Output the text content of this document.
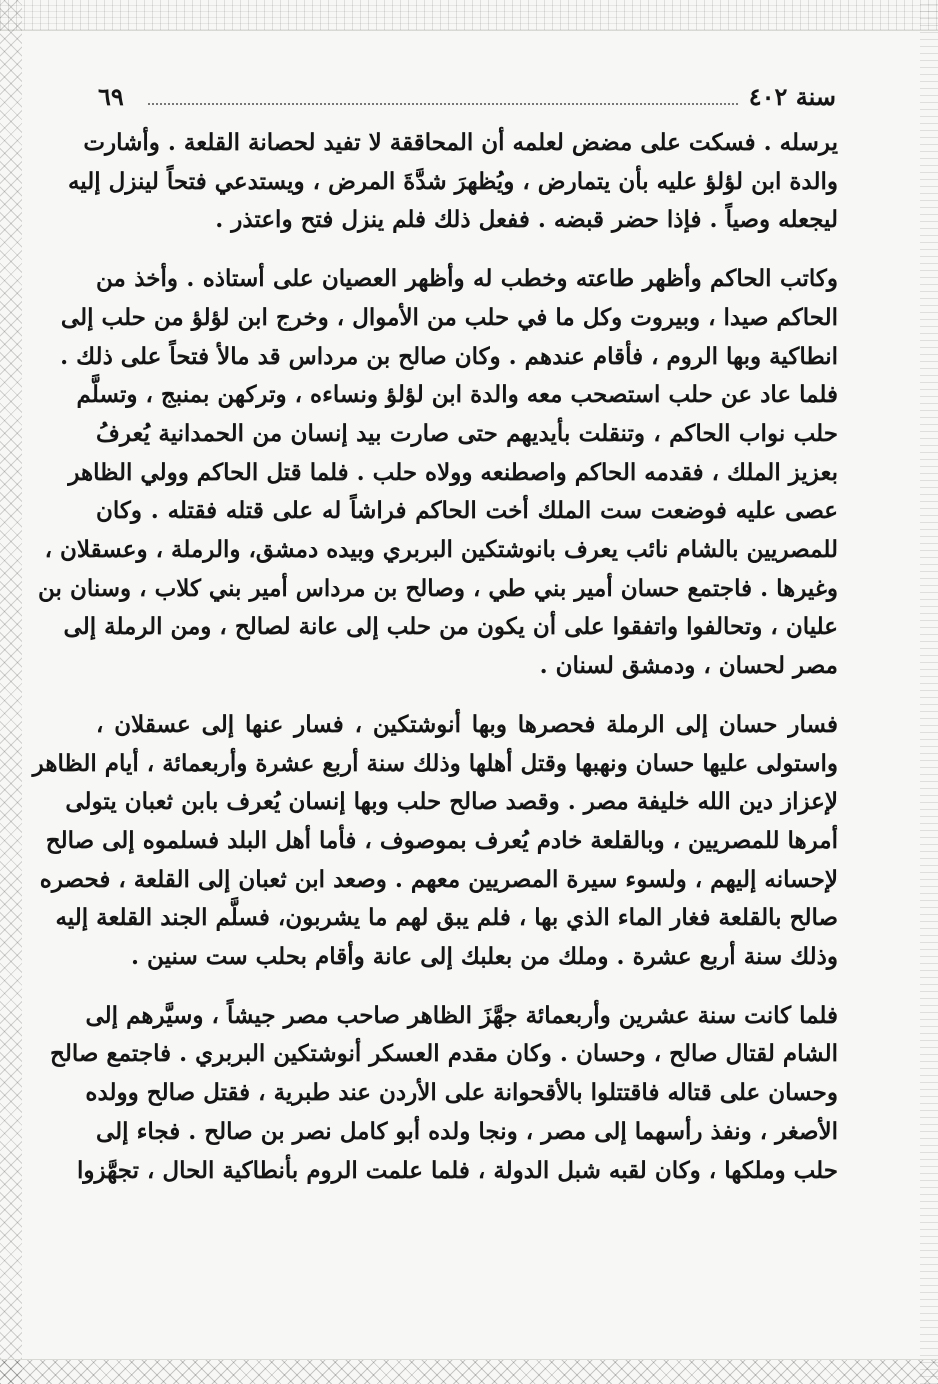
٦٩	سنة ٤٠٢

يرسله . فسكت على مضض لعلمه أن المحاققة لا تفيد لحصانة القلعة . وأشارت
والدة ابن لؤلؤ عليه بأن يتمارض ، ويُظهرَ شدَّةَ المرض ، ويستدعي فتحاً لينزل إليه
ليجعله وصياً . فإذا حضر قبضه . ففعل ذلك فلم ينزل فتح واعتذر .

وكاتب الحاكم وأظهر طاعته وخطب له وأظهر العصيان على أستاذه . وأخذ من
الحاكم صيدا ، وبيروت وكل ما في حلب من الأموال ، وخرج ابن لؤلؤ من حلب إلى
انطاكية وبها الروم ، فأقام عندهم . وكان صالح بن مرداس قد مالأ فتحاً على ذلك .
فلما عاد عن حلب استصحب معه والدة ابن لؤلؤ ونساءه ، وتركهن بمنبج ، وتسلَّم
حلب نواب الحاكم ، وتنقلت بأيديهم حتى صارت بيد إنسان من الحمدانية يُعرفُ
بعزيز الملك ، فقدمه الحاكم واصطنعه وولاه حلب . فلما قتل الحاكم وولي الظاهر
عصى عليه فوضعت ست الملك أخت الحاكم فراشاً له على قتله فقتله . وكان
للمصريين بالشام نائب يعرف بانوشتكين البربري وبيده دمشق، والرملة ، وعسقلان ،
وغيرها . فاجتمع حسان أمير بني طي ، وصالح بن مرداس أمير بني كلاب ، وسنان بن
عليان ، وتحالفوا واتفقوا على أن يكون من حلب إلى عانة لصالح ، ومن الرملة إلى
مصر لحسان ، ودمشق لسنان .

فسار حسان إلى الرملة فحصرها وبها أنوشتكين ، فسار عنها إلى عسقلان ،
واستولى عليها حسان ونهبها وقتل أهلها وذلك سنة أربع عشرة وأربعمائة ، أيام الظاهر
لإعزاز دين الله خليفة مصر . وقصد صالح حلب وبها إنسان يُعرف بابن ثعبان يتولى
أمرها للمصريين ، وبالقلعة خادم يُعرف بموصوف ، فأما أهل البلد فسلموه إلى صالح
لإحسانه إليهم ، ولسوء سيرة المصريين معهم . وصعد ابن ثعبان إلى القلعة ، فحصره
صالح بالقلعة فغار الماء الذي بها ، فلم يبق لهم ما يشربون، فسلَّم الجند القلعة إليه
وذلك سنة أربع عشرة . وملك من بعلبك إلى عانة وأقام بحلب ست سنين .

فلما كانت سنة عشرين وأربعمائة جهَّزَ الظاهر صاحب مصر جيشاً ، وسيَّرهم إلى
الشام لقتال صالح ، وحسان . وكان مقدم العسكر أنوشتكين البربري . فاجتمع صالح
وحسان على قتاله فاقتتلوا بالأقحوانة على الأردن عند طبرية ، فقتل صالح وولده
الأصغر ، ونفذ رأسهما إلى مصر ، ونجا ولده أبو كامل نصر بن صالح . فجاء إلى
حلب وملكها ، وكان لقبه شبل الدولة ، فلما علمت الروم بأنطاكية الحال ، تجهَّزوا
